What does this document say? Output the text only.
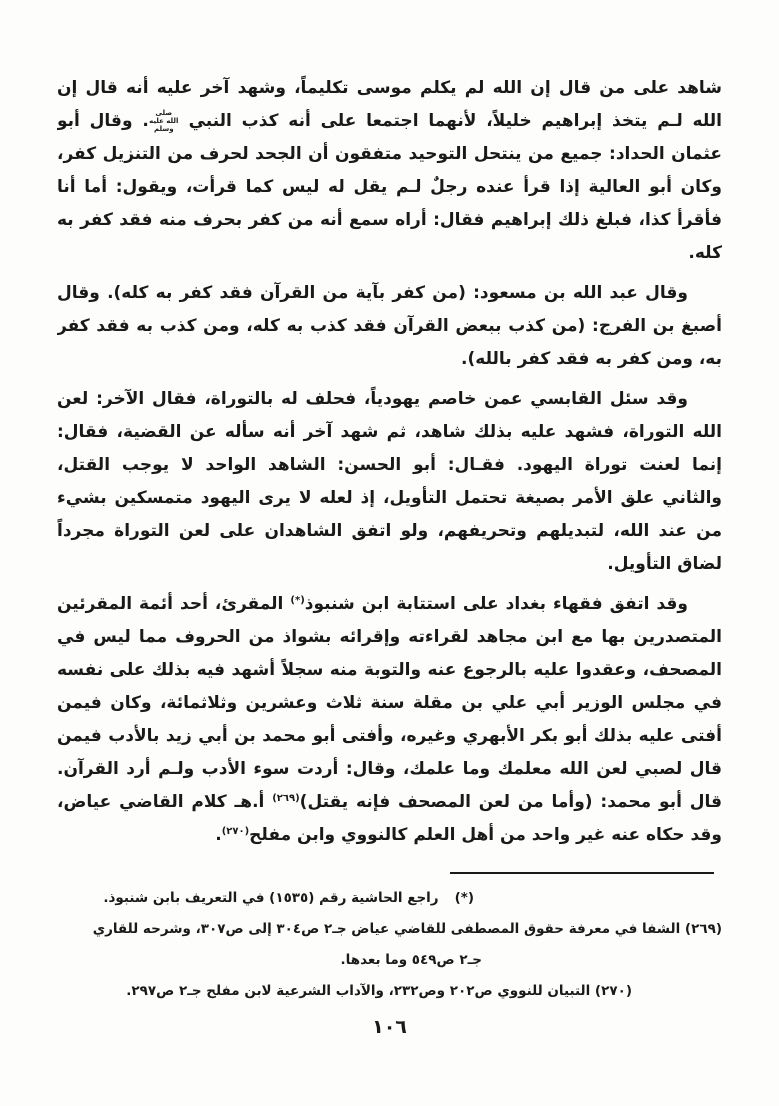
شاهد على من قال إن الله لم يكلم موسى تكليماً، وشهد آخر عليه أنه قال إن الله لـم يتخذ إبراهيم خليلاً، لأنهما اجتمعا على أنه كذب النبي صلى الله عليه وسلم. وقال أبو عثمان الحداد: جميع من ينتحل التوحيد متفقون أن الجحد لحرف من التنزيل كفر، وكان أبو العالية إذا قرأ عنده رجلٌ لـم يقل له ليس كما قرأت، ويقول: أما أنا فأقرأ كذا، فبلغ ذلك إبراهيم فقال: أراه سمع أنه من كفر بحرف منه فقد كفر به كله.

وقال عبد الله بن مسعود: (من كفر بآية من القرآن فقد كفر به كله). وقال أصبغ بن الفرج: (من كذب ببعض القرآن فقد كذب به كله، ومن كذب به فقد كفر به، ومن كفر به فقد كفر بالله).

وقد سئل القابسي عمن خاصم يهودياً، فحلف له بالتوراة، فقال الآخر: لعن الله التوراة، فشهد عليه بذلك شاهد، ثم شهد آخر أنه سأله عن القضية، فقال: إنما لعنت توراة اليهود. فقـال: أبو الحسن: الشاهد الواحد لا يوجب القتل، والثاني علق الأمر بصيغة تحتمل التأويل، إذ لعله لا يرى اليهود متمسكين بشيء من عند الله، لتبديلهم وتحريفهم، ولو اتفق الشاهدان على لعن التوراة مجرداً لضاق التأويل.

وقد اتفق فقهاء بغداد على استتابة ابن شنبوذ(*) المقرئ، أحد أئمة المقرئين المتصدرين بها مع ابن مجاهد لقراءته وإقرائه بشواذ من الحروف مما ليس في المصحف، وعقدوا عليه بالرجوع عنه والتوبة منه سجلاً أشهد فيه بذلك على نفسه في مجلس الوزير أبي علي بن مقلة سنة ثلاث وعشرين وثلاثمائة، وكان فيمن أفتى عليه بذلك أبو بكر الأبهري وغيره، وأفتى أبو محمد بن أبي زيد بالأدب فيمن قال لصبي لعن الله معلمك وما علمك، وقال: أردت سوء الأدب ولـم أرد القرآن. قال أبو محمد: (وأما من لعن المصحف فإنه يقتل)$^{(٢٦٩)}$ أ.هـ كلام القاضي عياض، وقد حكاه عنه غير واحد من أهل العلم كالنووي وابن مفلح$^{(٢٧٠)}$.

(*)راجع الحاشية رقم (١٥٣٥) في التعريف بابن شنبوذ.
(٢٦٩) الشفا في معرفة حقوق المصطفى للقاضي عياض جـ٢ ص٣٠٤ إلى ص٣٠٧، وشرحه للقاري
جـ٢ ص٥٤٩ وما بعدها.
(٢٧٠) التبيان للنووي ص٢٠٢ وص٢٣٢، والآداب الشرعية لابن مفلح جـ٢ ص٢٩٧.
١٠٦
